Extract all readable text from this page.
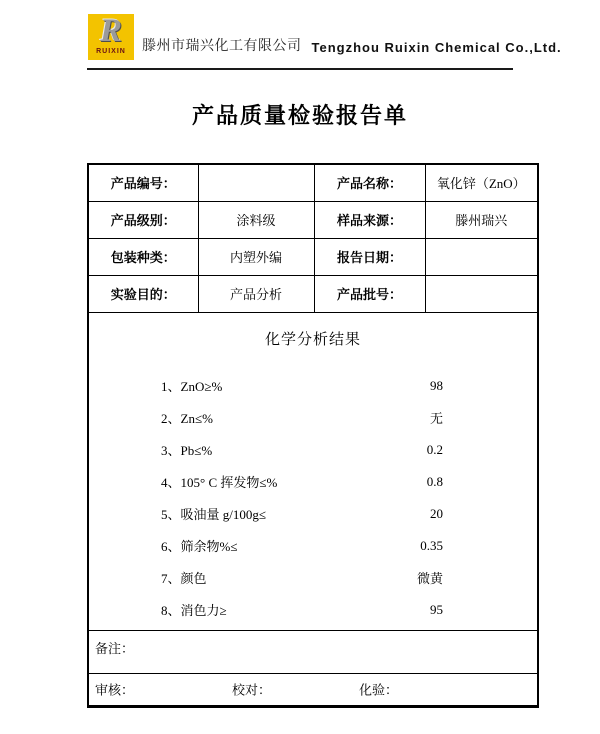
R
RUIXIN 滕州市瑞兴化工有限公司 Tengzhou Ruixin Chemical Co.,Ltd.
产品质量检验报告单
产品编号：		产品名称：	氧化锌（ZnO）
产品级别：	涂料级	样品来源：	滕州瑞兴
包装种类：	内塑外编	报告日期：	
实验目的：	产品分析	产品批号：	

化学分析结果
1、ZnO≥%	98
2、Zn≤%	无
3、Pb≤%	0.2
4、105° C 挥发物≤%	0.8
5、吸油量 g/100g≤	20
6、筛余物%≤	0.35
7、颜色	微黄
8、消色力≥	95

备注：			

审核： 校对： 化验：			
